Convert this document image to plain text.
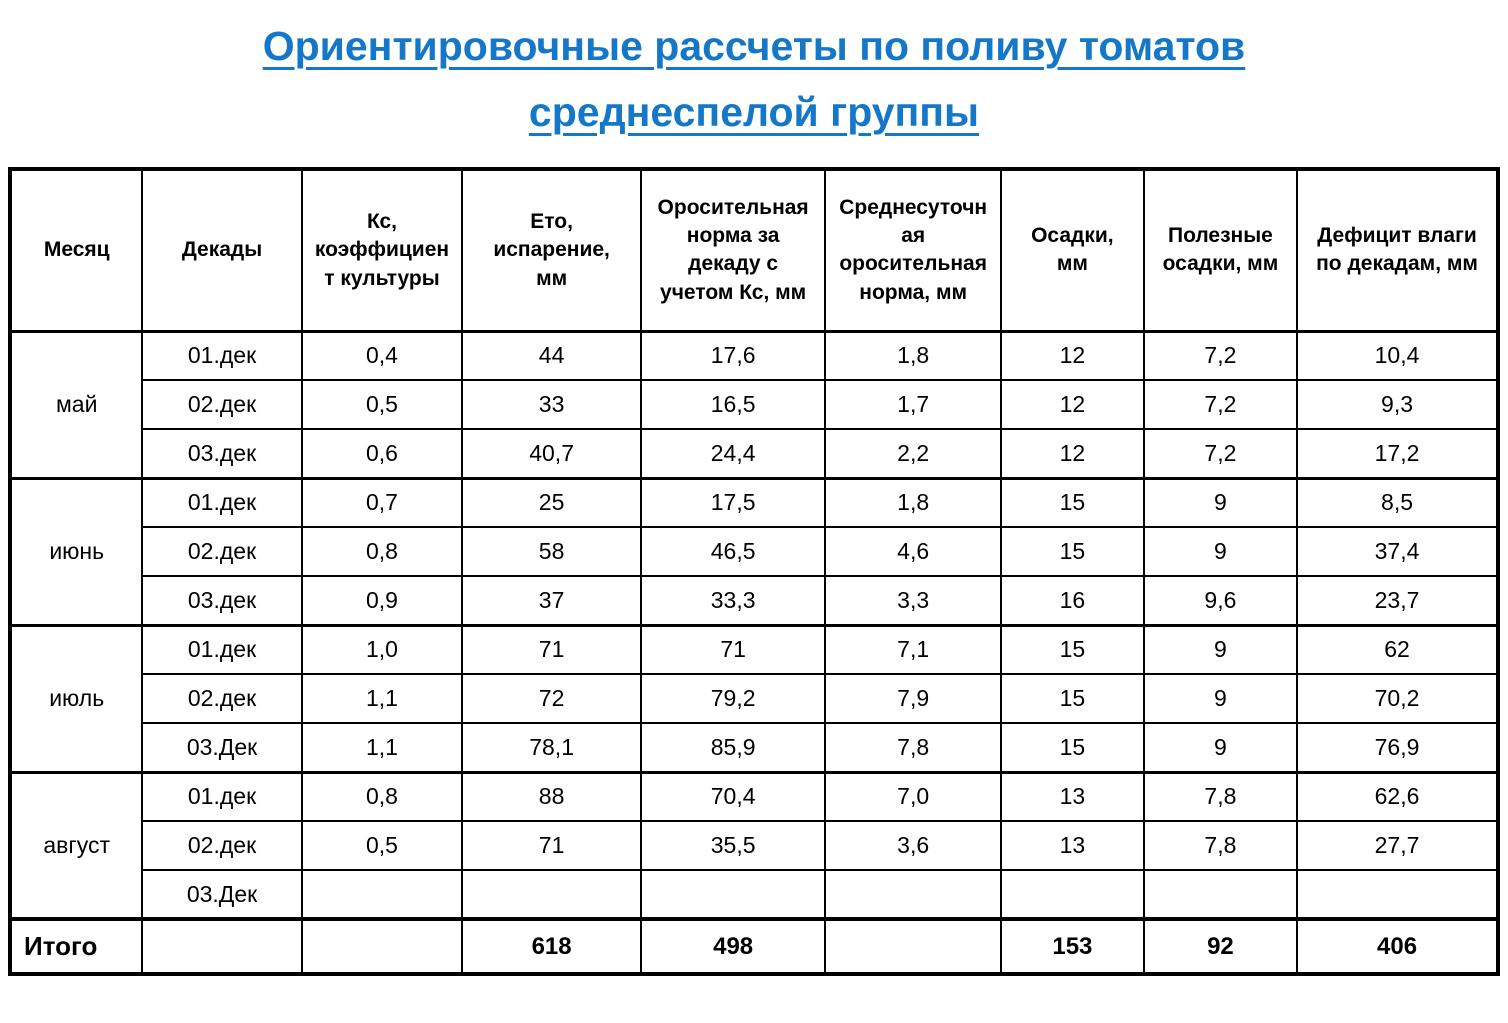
Ориентировочные рассчеты по поливу томатов
среднеспелой группы
Месяц	Декады	Кс, коэффициент культуры	Ето, испарение, мм	Оросительная норма за декаду с учетом Кс, мм	Среднесуточная оросительная норма, мм	Осадки, мм	Полезные осадки, мм	Дефицит влаги по декадам, мм
май	01.дек	0,4	44	17,6	1,8	12	7,2	10,4
	02.дек	0,5	33	16,5	1,7	12	7,2	9,3
	03.дек	0,6	40,7	24,4	2,2	12	7,2	17,2
июнь	01.дек	0,7	25	17,5	1,8	15	9	8,5
	02.дек	0,8	58	46,5	4,6	15	9	37,4
	03.дек	0,9	37	33,3	3,3	16	9,6	23,7
июль	01.дек	1,0	71	71	7,1	15	9	62
	02.дек	1,1	72	79,2	7,9	15	9	70,2
	03.Дек	1,1	78,1	85,9	7,8	15	9	76,9
август	01.дек	0,8	88	70,4	7,0	13	7,8	62,6
	02.дек	0,5	71	35,5	3,6	13	7,8	27,7
	03.Дек							
Итого			618	498		153	92	406
